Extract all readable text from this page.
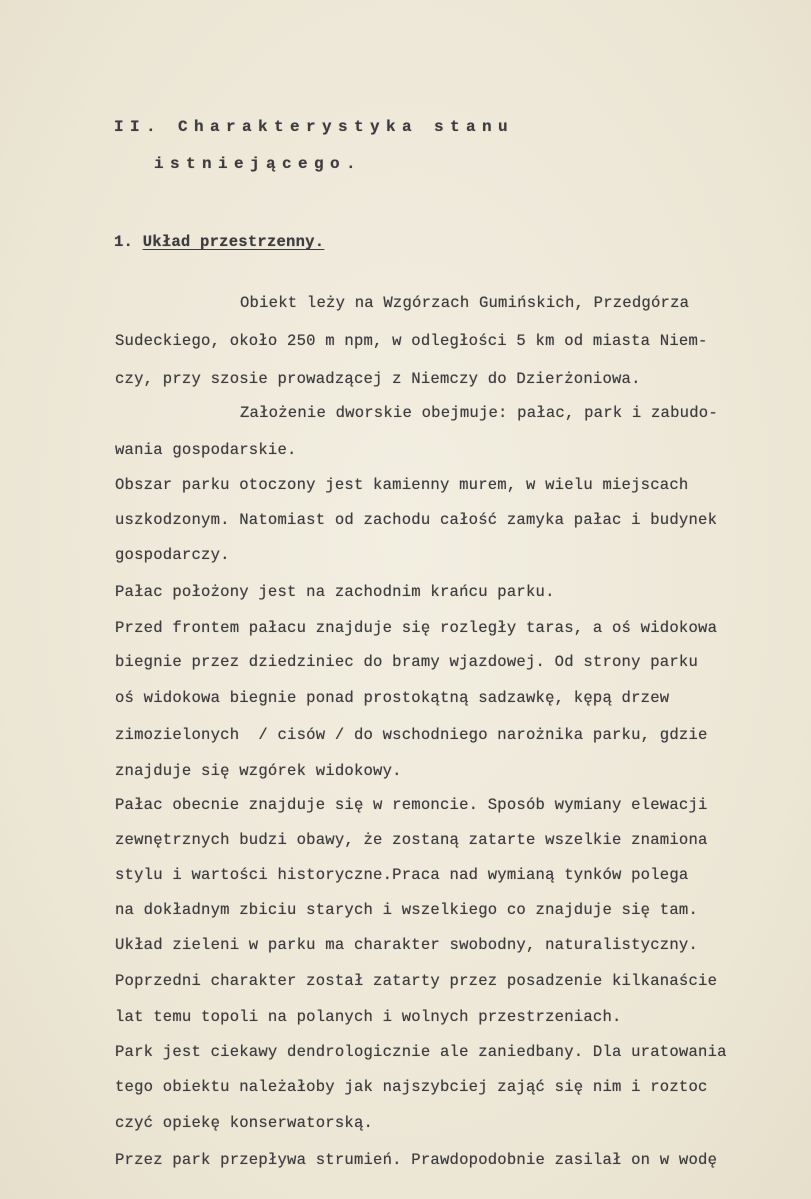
II. Charakterystyka stanu
istniejącego.
1. Układ przestrzenny.
Obiekt leży na Wzgórzach Gumińskich, Przedgórza
Sudeckiego, około 250 m npm, w odległości 5 km od miasta Niem-
czy, przy szosie prowadzącej z Niemczy do Dzierżoniowa.
Założenie dworskie obejmuje: pałac, park i zabudo-
wania gospodarskie.
Obszar parku otoczony jest kamienny murem, w wielu miejscach
uszkodzonym. Natomiast od zachodu całość zamyka pałac i budynek
gospodarczy.
Pałac położony jest na zachodnim krańcu parku.
Przed frontem pałacu znajduje się rozległy taras, a oś widokowa
biegnie przez dziedziniec do bramy wjazdowej. Od strony parku
oś widokowa biegnie ponad prostokątną sadzawkę, kępą drzew
zimozielonych  / cisów / do wschodniego narożnika parku, gdzie
znajduje się wzgórek widokowy.
Pałac obecnie znajduje się w remoncie. Sposób wymiany elewacji
zewnętrznych budzi obawy, że zostaną zatarte wszelkie znamiona
stylu i wartości historyczne.Praca nad wymianą tynków polega
na dokładnym zbiciu starych i wszelkiego co znajduje się tam.
Układ zieleni w parku ma charakter swobodny, naturalistyczny.
Poprzedni charakter został zatarty przez posadzenie kilkanaście
lat temu topoli na polanych i wolnych przestrzeniach.
Park jest ciekawy dendrologicznie ale zaniedbany. Dla uratowania
tego obiektu należałoby jak najszybciej zająć się nim i roztoc
czyć opiekę konserwatorską.
Przez park przepływa strumień. Prawdopodobnie zasilał on w wodę
